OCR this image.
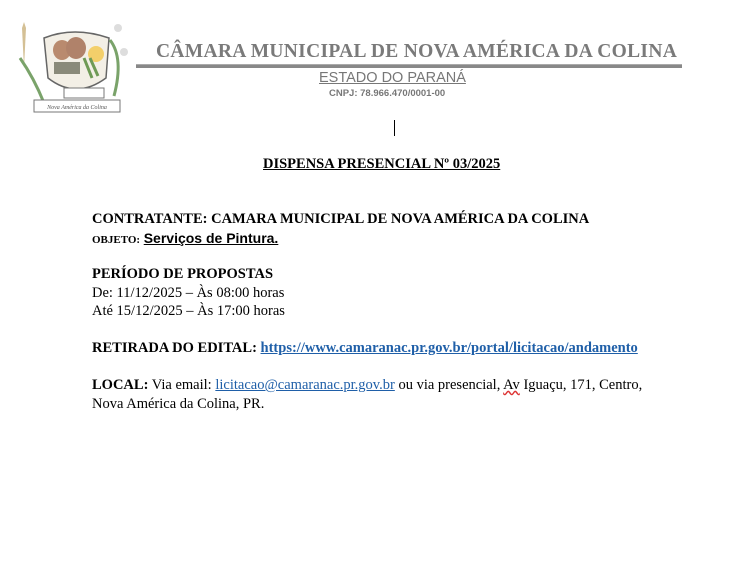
Nova América da Colina
CÂMARA MUNICIPAL DE NOVA AMÉRICA DA COLINA
ESTADO DO PARANÁ
CNPJ: 78.966.470/0001-00
DISPENSA PRESENCIAL Nº 03/2025
CONTRATANTE: CAMARA MUNICIPAL DE NOVA AMÉRICA DA COLINA
OBJETO: Serviços de Pintura.
PERÍODO DE PROPOSTAS
De: 11/12/2025 – Às 08:00 horas
Até 15/12/2025 – Às 17:00 horas
RETIRADA DO EDITAL: https://www.camaranac.pr.gov.br/portal/licitacao/andamento
LOCAL: Via email: licitacao@camaranac.pr.gov.br ou via presencial, Av Iguaçu, 171, Centro,
Nova América da Colina, PR.
